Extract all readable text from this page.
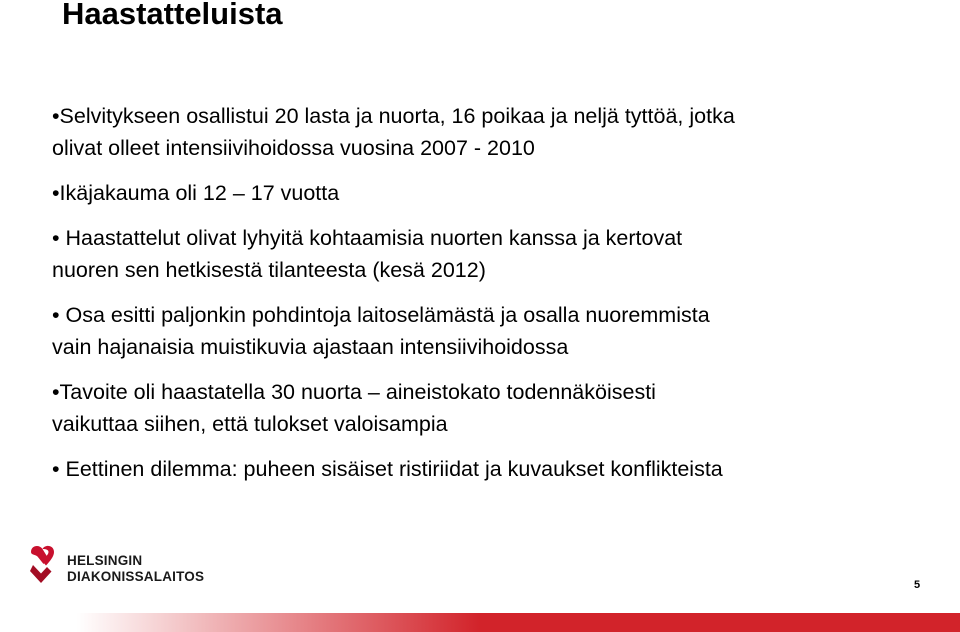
Haastatteluista
•Selvitykseen osallistui 20 lasta ja nuorta, 16 poikaa ja neljä tyttöä, jotka
olivat olleet intensiivihoidossa vuosina 2007 - 2010
•Ikäjakauma oli 12 – 17 vuotta
• Haastattelut olivat lyhyitä kohtaamisia nuorten kanssa ja kertovat
nuoren sen hetkisestä tilanteesta (kesä 2012)
• Osa esitti paljonkin pohdintoja laitoselämästä ja osalla nuoremmista
vain hajanaisia muistikuvia ajastaan intensiivihoidossa
•Tavoite oli haastatella 30 nuorta – aineistokato todennäköisesti
vaikuttaa siihen, että tulokset valoisampia
• Eettinen dilemma: puheen sisäiset ristiriidat ja kuvaukset konflikteista
HELSINGIN
DIAKONISSALAITOS
5
